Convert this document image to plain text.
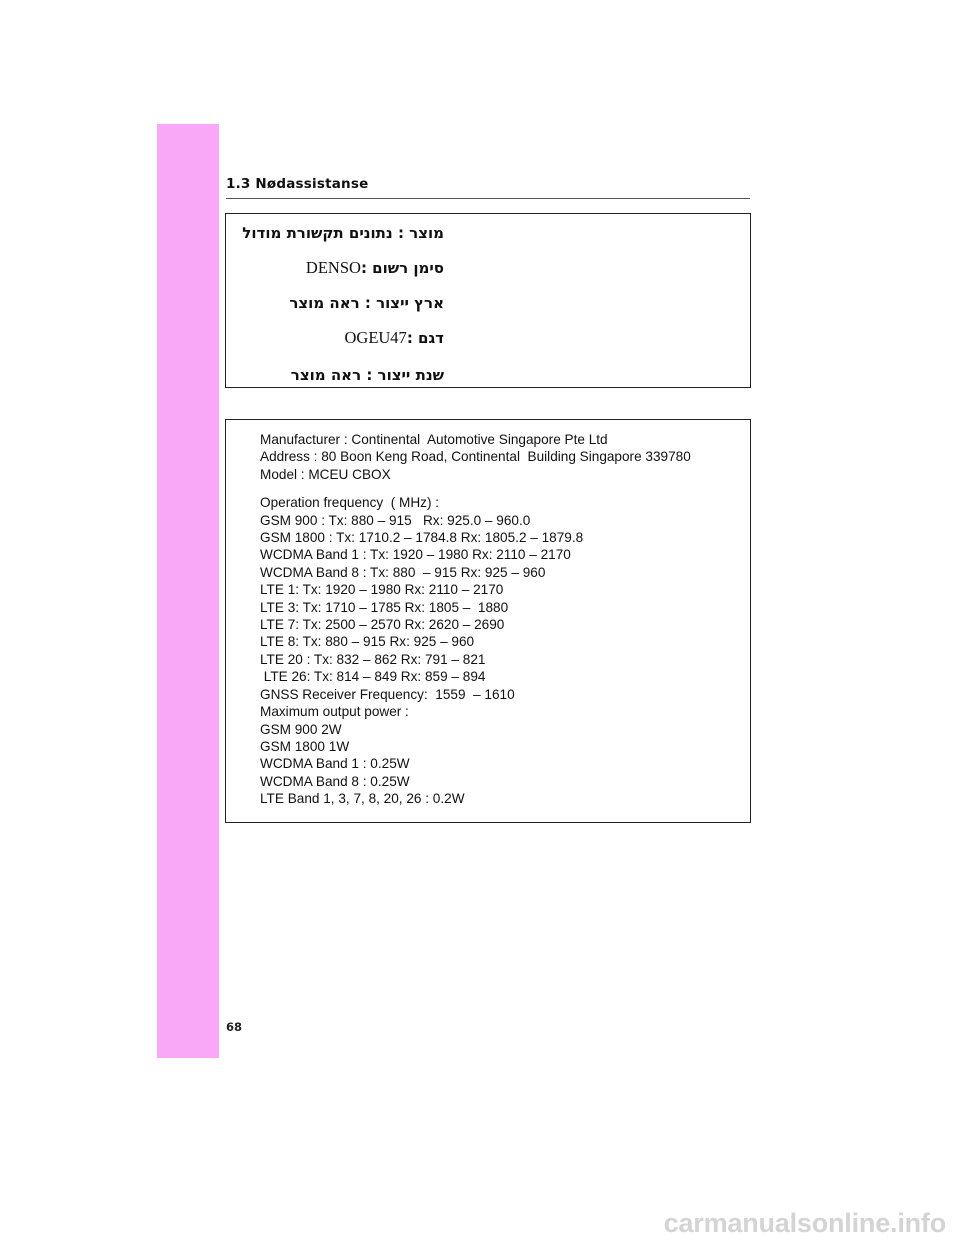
1.3 Nødassistanse
מוצר : נתונים תקשורת מודול
DENSOסימן רשום :
ארץ ייצור : ראה מוצר
OGEU47דגם :
שנת ייצור : ראה מוצר
Manufacturer : Continental  Automotive Singapore Pte Ltd
Address : 80 Boon Keng Road, Continental  Building Singapore 339780
Model : MCEU CBOX
Operation frequency  ( MHz) :
GSM 900 : Tx: 880 – 915   Rx: 925.0 – 960.0
GSM 1800 : Tx: 1710.2 – 1784.8 Rx: 1805.2 – 1879.8
WCDMA Band 1 : Tx: 1920 – 1980 Rx: 2110 – 2170
WCDMA Band 8 : Tx: 880  – 915 Rx: 925 – 960
LTE 1: Tx: 1920 – 1980 Rx: 2110 – 2170
LTE 3: Tx: 1710 – 1785 Rx: 1805 –  1880
LTE 7: Tx: 2500 – 2570 Rx: 2620 – 2690
LTE 8: Tx: 880 – 915 Rx: 925 – 960
LTE 20 : Tx: 832 – 862 Rx: 791 – 821
LTE 26: Tx: 814 – 849 Rx: 859 – 894
GNSS Receiver Frequency:  1559  – 1610
Maximum output power :
GSM 900 2W
GSM 1800 1W
WCDMA Band 1 : 0.25W
WCDMA Band 8 : 0.25W
LTE Band 1, 3, 7, 8, 20, 26 : 0.2W
68
carmanualsonline.info
